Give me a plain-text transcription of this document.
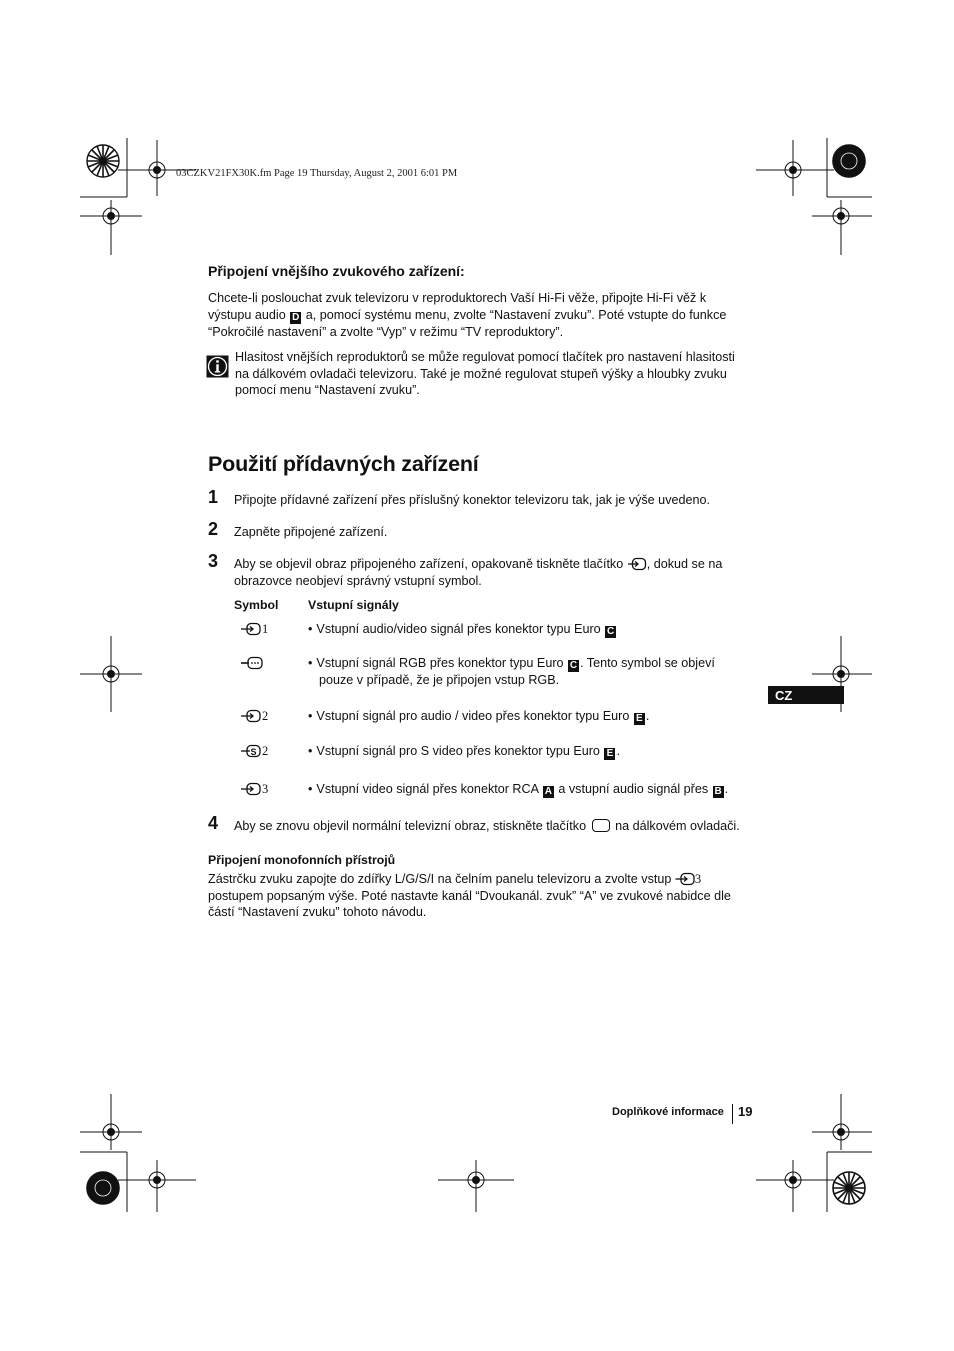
03CZKV21FX30K.fm Page 19 Thursday, August 2, 2001 6:01 PM
Připojení vnějšího zvukového zařízení:
Chcete-li poslouchat zvuk televizoru v reproduktorech Vaší Hi-Fi věže, připojte Hi-Fi věž k
výstupu audio D a, pomocí systému menu, zvolte “Nastavení zvuku”. Poté vstupte do funkce
“Pokročilé nastavení” a zvolte “Vyp” v režimu “TV reproduktory”.
Hlasitost vnějších reproduktorů se může regulovat pomocí tlačítek pro nastavení hlasitosti
na dálkovém ovladači televizoru. Také je možné regulovat stupeň výšky a hloubky zvuku
pomocí menu “Nastavení zvuku”.
Použití přídavných zařízení
1 Připojte přídavné zařízení přes příslušný konektor televizoru tak, jak je výše uvedeno.
2 Zapněte připojené zařízení.
3 Aby se objevil obraz připojeného zařízení, opakovaně tiskněte tlačítko , dokud se na
obrazovce neobjeví správný vstupní symbol.
Symbol Vstupní signály
1	• Vstupní audio/video signál přes konektor typu Euro C
• Vstupní signál RGB přes konektor typu Euro C . Tento symbol se objeví
pouze v případě, že je připojen vstup RGB.
2	• Vstupní signál pro audio / video přes konektor typu Euro E .
S 2	• Vstupní signál pro S video přes konektor typu Euro E .
3	• Vstupní video signál přes konektor RCA A a vstupní audio signál přes B .
4 Aby se znovu objevil normální televizní obraz, stiskněte tlačítko na dálkovém ovladači.
Připojení monofonních přístrojů
Zástrčku zvuku zapojte do zdířky L/G/S/I na čelním panelu televizoru a zvolte vstup 3
postupem popsaným výše. Poté nastavte kanál “Dvoukanál. zvuk” “A” ve zvukové nabidce dle
částí “Nastavení zvuku” tohoto návodu.
CZ
Doplňkové informace 19
